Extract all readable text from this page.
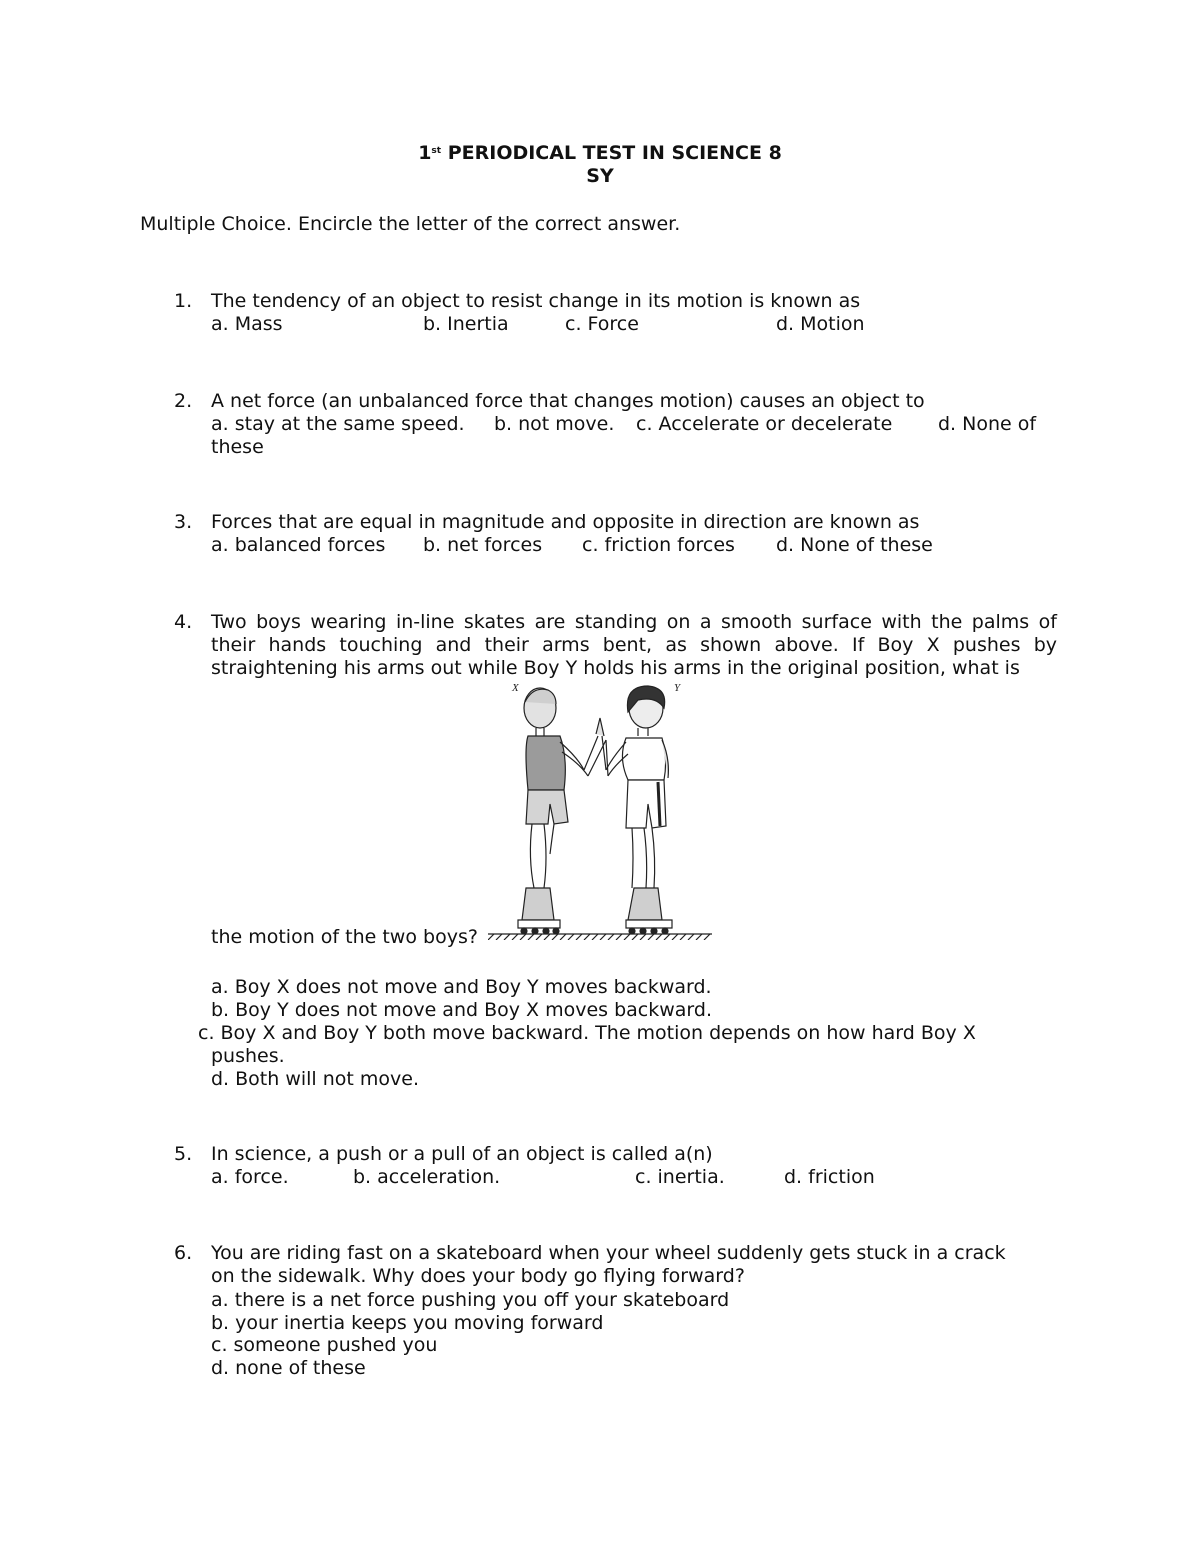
1st PERIODICAL TEST IN SCIENCE 8
SY
Multiple Choice. Encircle the letter of the correct answer.
1. The tendency of an object to resist change in its motion is known as
a. Mass	b. Inertia	c. Force	d. Motion
2. A net force (an unbalanced force that changes motion) causes an object to
a. stay at the same speed. b. not move. c. Accelerate or decelerate d. None of
these
3. Forces that are equal in magnitude and opposite in direction are known as
a. balanced forces b. net forces c. friction forces d. None of these
4. Two boys wearing in-line skates are standing on a smooth surface with the palms of
their hands touching and their arms bent, as shown above. If Boy X pushes by
straightening his arms out while Boy Y holds his arms in the original position, what is
X	Y
the motion of the two boys?
a. Boy X does not move and Boy Y moves backward.
b. Boy Y does not move and Boy X moves backward.
c. Boy X and Boy Y both move backward. The motion depends on how hard Boy X
pushes.
d. Both will not move.
5. In science, a push or a pull of an object is called a(n)
a. force.	b. acceleration.	c. inertia.	d. friction
6. You are riding fast on a skateboard when your wheel suddenly gets stuck in a crack
on the sidewalk. Why does your body go flying forward?
a. there is a net force pushing you off your skateboard
b. your inertia keeps you moving forward
c. someone pushed you
d. none of these
